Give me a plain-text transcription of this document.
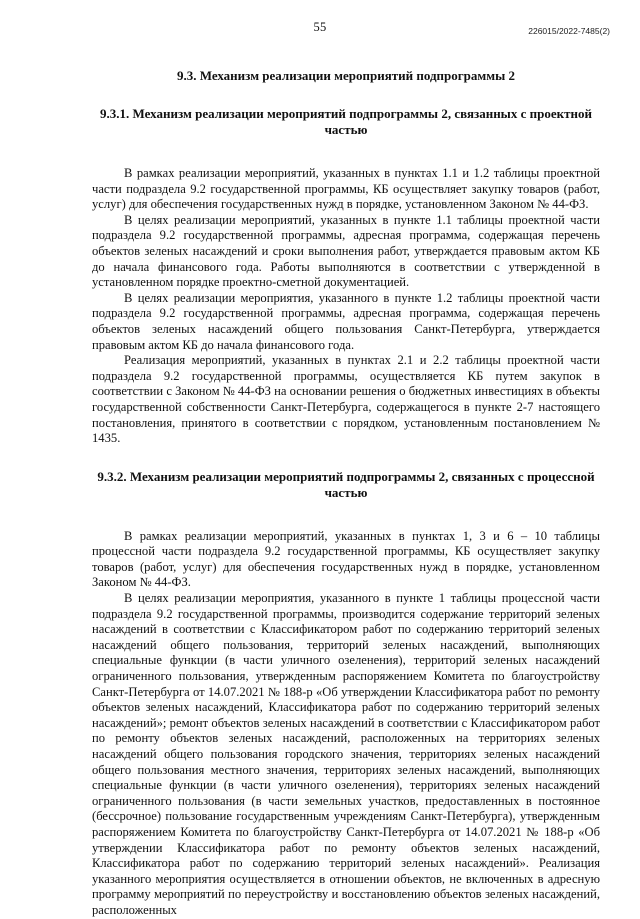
55	226015/2022-7485(2)
9.3. Механизм реализации мероприятий подпрограммы 2
9.3.1. Механизм реализации мероприятий подпрограммы 2, связанных с проектной частью

В рамках реализации мероприятий, указанных в пунктах 1.1 и 1.2 таблицы проектной части подраздела 9.2 государственной программы, КБ осуществляет закупку товаров (работ, услуг) для обеспечения государственных нужд в порядке, установленном Законом № 44-ФЗ.

В целях реализации мероприятий, указанных в пункте 1.1 таблицы проектной части подраздела 9.2 государственной программы, адресная программа, содержащая перечень объектов зеленых насаждений и сроки выполнения работ, утверждается правовым актом КБ до начала финансового года. Работы выполняются в соответствии с утвержденной в установленном порядке проектно-сметной документацией.

В целях реализации мероприятия, указанного в пункте 1.2 таблицы проектной части подраздела 9.2 государственной программы, адресная программа, содержащая перечень объектов зеленых насаждений общего пользования Санкт-Петербурга, утверждается правовым актом КБ до начала финансового года.

Реализация мероприятий, указанных в пунктах 2.1 и 2.2 таблицы проектной части подраздела 9.2 государственной программы, осуществляется КБ путем закупок в соответствии с Законом № 44-ФЗ на основании решения о бюджетных инвестициях в объекты государственной собственности Санкт-Петербурга, содержащегося в пункте 2-7 настоящего постановления, принятого в соответствии с порядком, установленным постановлением № 1435.

9.3.2. Механизм реализации мероприятий подпрограммы 2, связанных с процессной частью

В рамках реализации мероприятий, указанных в пунктах 1, 3 и 6 – 10 таблицы процессной части подраздела 9.2 государственной программы, КБ осуществляет закупку товаров (работ, услуг) для обеспечения государственных нужд в порядке, установленном Законом № 44-ФЗ.

В целях реализации мероприятия, указанного в пункте 1 таблицы процессной части подраздела 9.2 государственной программы, производится содержание территорий зеленых насаждений в соответствии с Классификатором работ по содержанию территорий зеленых насаждений общего пользования, территорий зеленых насаждений, выполняющих специальные функции (в части уличного озеленения), территорий зеленых насаждений ограниченного пользования, утвержденным распоряжением Комитета по благоустройству Санкт-Петербурга от 14.07.2021 № 188-р «Об утверждении Классификатора работ по ремонту объектов зеленых насаждений, Классификатора работ по содержанию территорий зеленых насаждений»; ремонт объектов зеленых насаждений в соответствии с Классификатором работ по ремонту объектов зеленых насаждений, расположенных на территориях зеленых насаждений общего пользования городского значения, территориях зеленых насаждений общего пользования местного значения, территориях зеленых насаждений, выполняющих специальные функции (в части уличного озеленения), территориях зеленых насаждений ограниченного пользования (в части земельных участков, предоставленных в постоянное (бессрочное) пользование государственным учреждениям Санкт-Петербурга), утвержденным распоряжением Комитета по благоустройству Санкт-Петербурга от 14.07.2021 № 188-р «Об утверждении Классификатора работ по ремонту объектов зеленых насаждений, Классификатора работ по содержанию территорий зеленых насаждений». Реализация указанного мероприятия осуществляется в отношении объектов, не включенных в адресную программу мероприятий по переустройству и восстановлению объектов зеленых насаждений, расположенных
